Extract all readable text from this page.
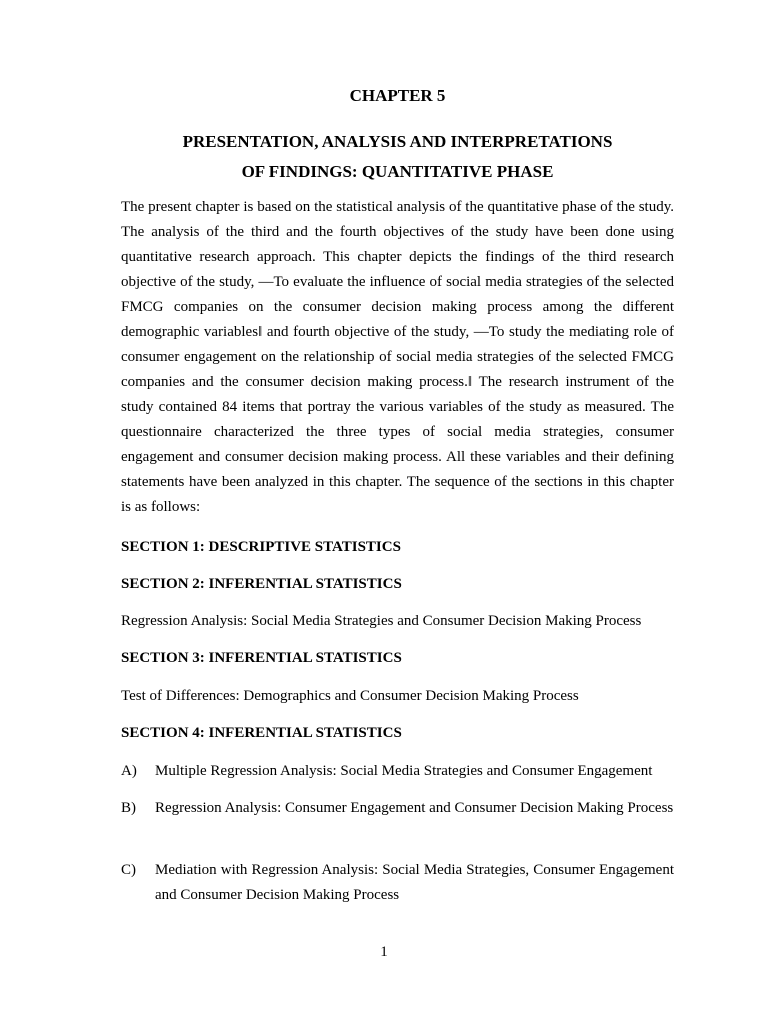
CHAPTER 5
PRESENTATION, ANALYSIS AND INTERPRETATIONS
OF FINDINGS: QUANTITATIVE PHASE

The present chapter is based on the statistical analysis of the quantitative phase of the study. The analysis of the third and the fourth objectives of the study have been done using quantitative research approach. This chapter depicts the findings of the third research objective of the study, —To evaluate the influence of social media strategies of the selected FMCG companies on the consumer decision making process among the different demographic variables‖ and fourth objective of the study, —To study the mediating role of consumer engagement on the relationship of social media strategies of the selected FMCG companies and the consumer decision making process.‖ The research instrument of the study contained 84 items that portray the various variables of the study as measured. The questionnaire characterized the three types of social media strategies, consumer engagement and consumer decision making process. All these variables and their defining statements have been analyzed in this chapter. The sequence of the sections in this chapter is as follows:

SECTION 1: DESCRIPTIVE STATISTICS

SECTION 2: INFERENTIAL STATISTICS

Regression Analysis: Social Media Strategies and Consumer Decision Making Process

SECTION 3: INFERENTIAL STATISTICS

Test of Differences: Demographics and Consumer Decision Making Process

SECTION 4: INFERENTIAL STATISTICS

A) Multiple Regression Analysis: Social Media Strategies and Consumer Engagement
B) Regression Analysis: Consumer Engagement and Consumer Decision Making Process
C) Mediation with Regression Analysis: Social Media Strategies, Consumer Engagement and Consumer Decision Making Process
1
